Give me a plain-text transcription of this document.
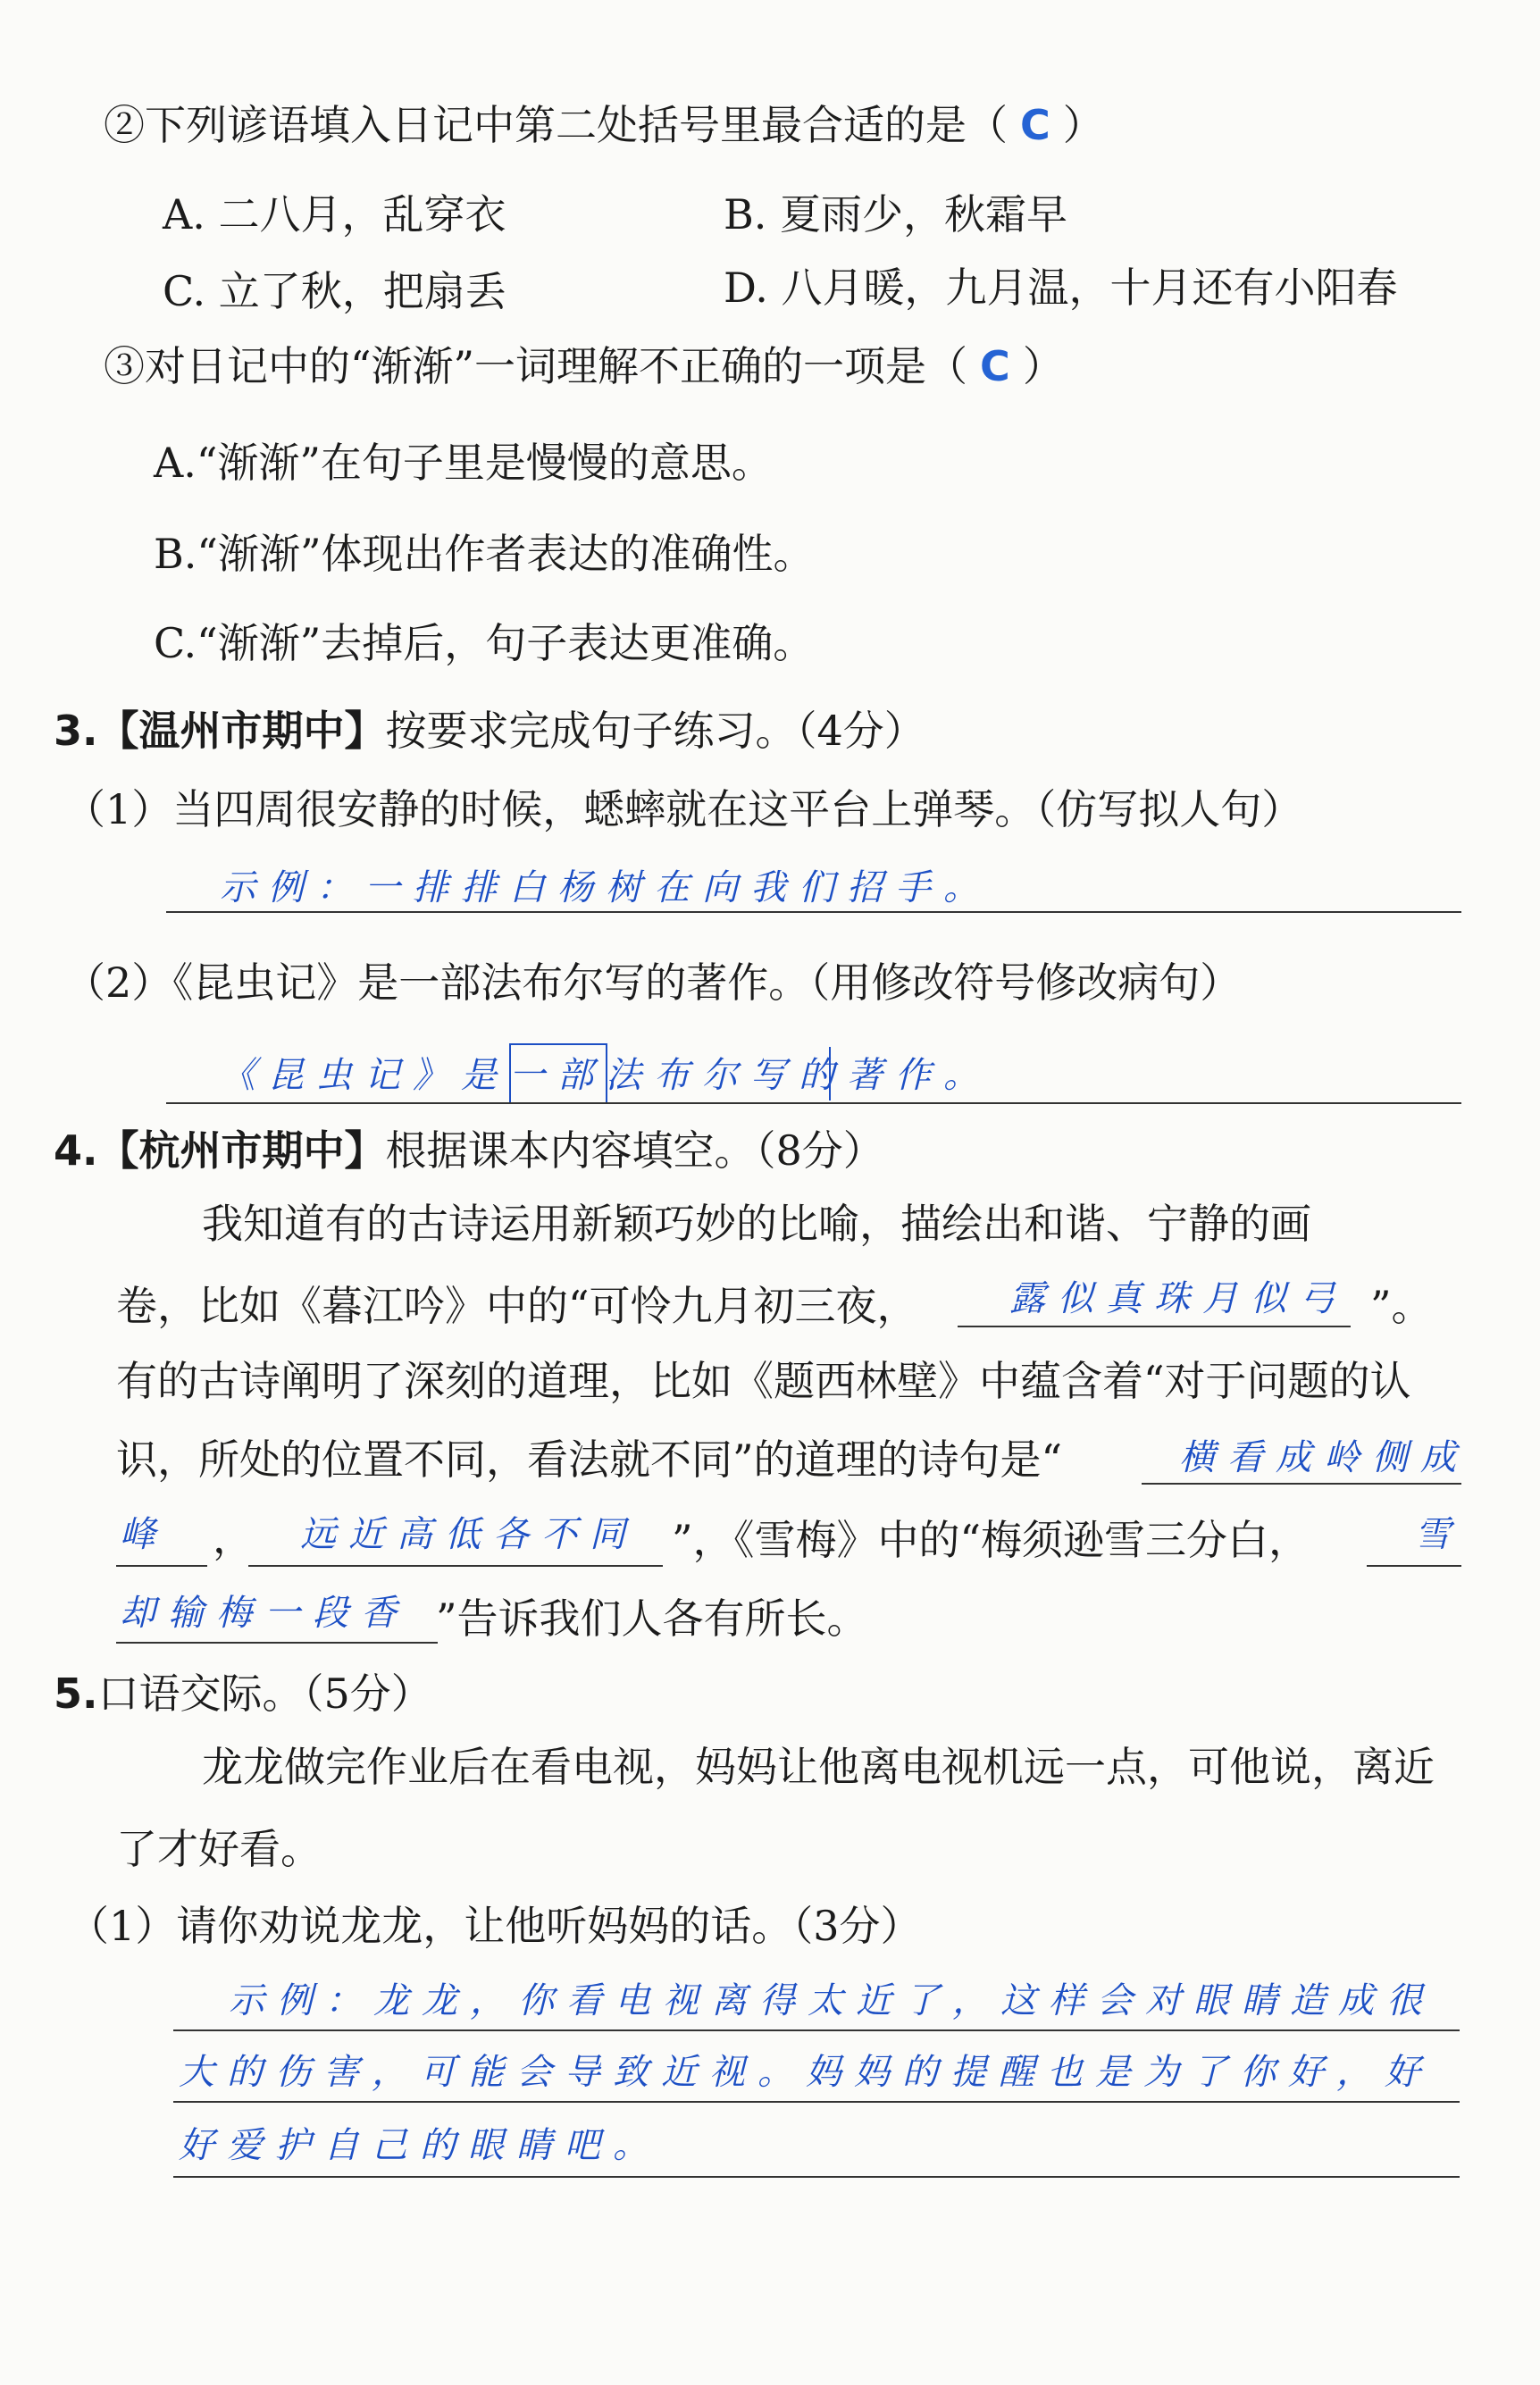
②下列谚语填入日记中第二处括号里最合适的是（ C ）
A. 二八月，乱穿衣	B. 夏雨少，秋霜早
C. 立了秋，把扇丢	D. 八月暖，九月温，十月还有小阳春
③对日记中的“渐渐”一词理解不正确的一项是（ C ）
A.“渐渐”在句子里是慢慢的意思。
B.“渐渐”体现出作者表达的准确性。
C.“渐渐”去掉后，句子表达更准确。
3.【温州市期中】按要求完成句子练习。（4分）
（1）当四周很安静的时候，蟋蟀就在这平台上弹琴。（仿写拟人句）
示例：一排排白杨树在向我们招手。
（2）《昆虫记》是一部法布尔写的著作。（用修改符号修改病句）
《昆虫记》是一部法布尔写的著作。
4.【杭州市期中】根据课本内容填空。（8分）
我知道有的古诗运用新颖巧妙的比喻，描绘出和谐、宁静的画
卷，比如《暮江吟》中的“可怜九月初三夜，	露似真珠月似弓 ”。
有的古诗阐明了深刻的道理，比如《题西林壁》中蕴含着“对于问题的认
识，所处的位置不同，看法就不同”的道理的诗句是“	横看成岭侧成
峰 ， 远近高低各不同 ”，《雪梅》中的“梅须逊雪三分白，	雪
却输梅一段香 ”告诉我们人各有所长。
5.口语交际。（5分）
龙龙做完作业后在看电视，妈妈让他离电视机远一点，可他说，离近
了才好看。
（1）请你劝说龙龙，让他听妈妈的话。（3分）
示例：龙龙，你看电视离得太近了，这样会对眼睛造成很
大的伤害，可能会导致近视。妈妈的提醒也是为了你好，好
好爱护自己的眼睛吧。
